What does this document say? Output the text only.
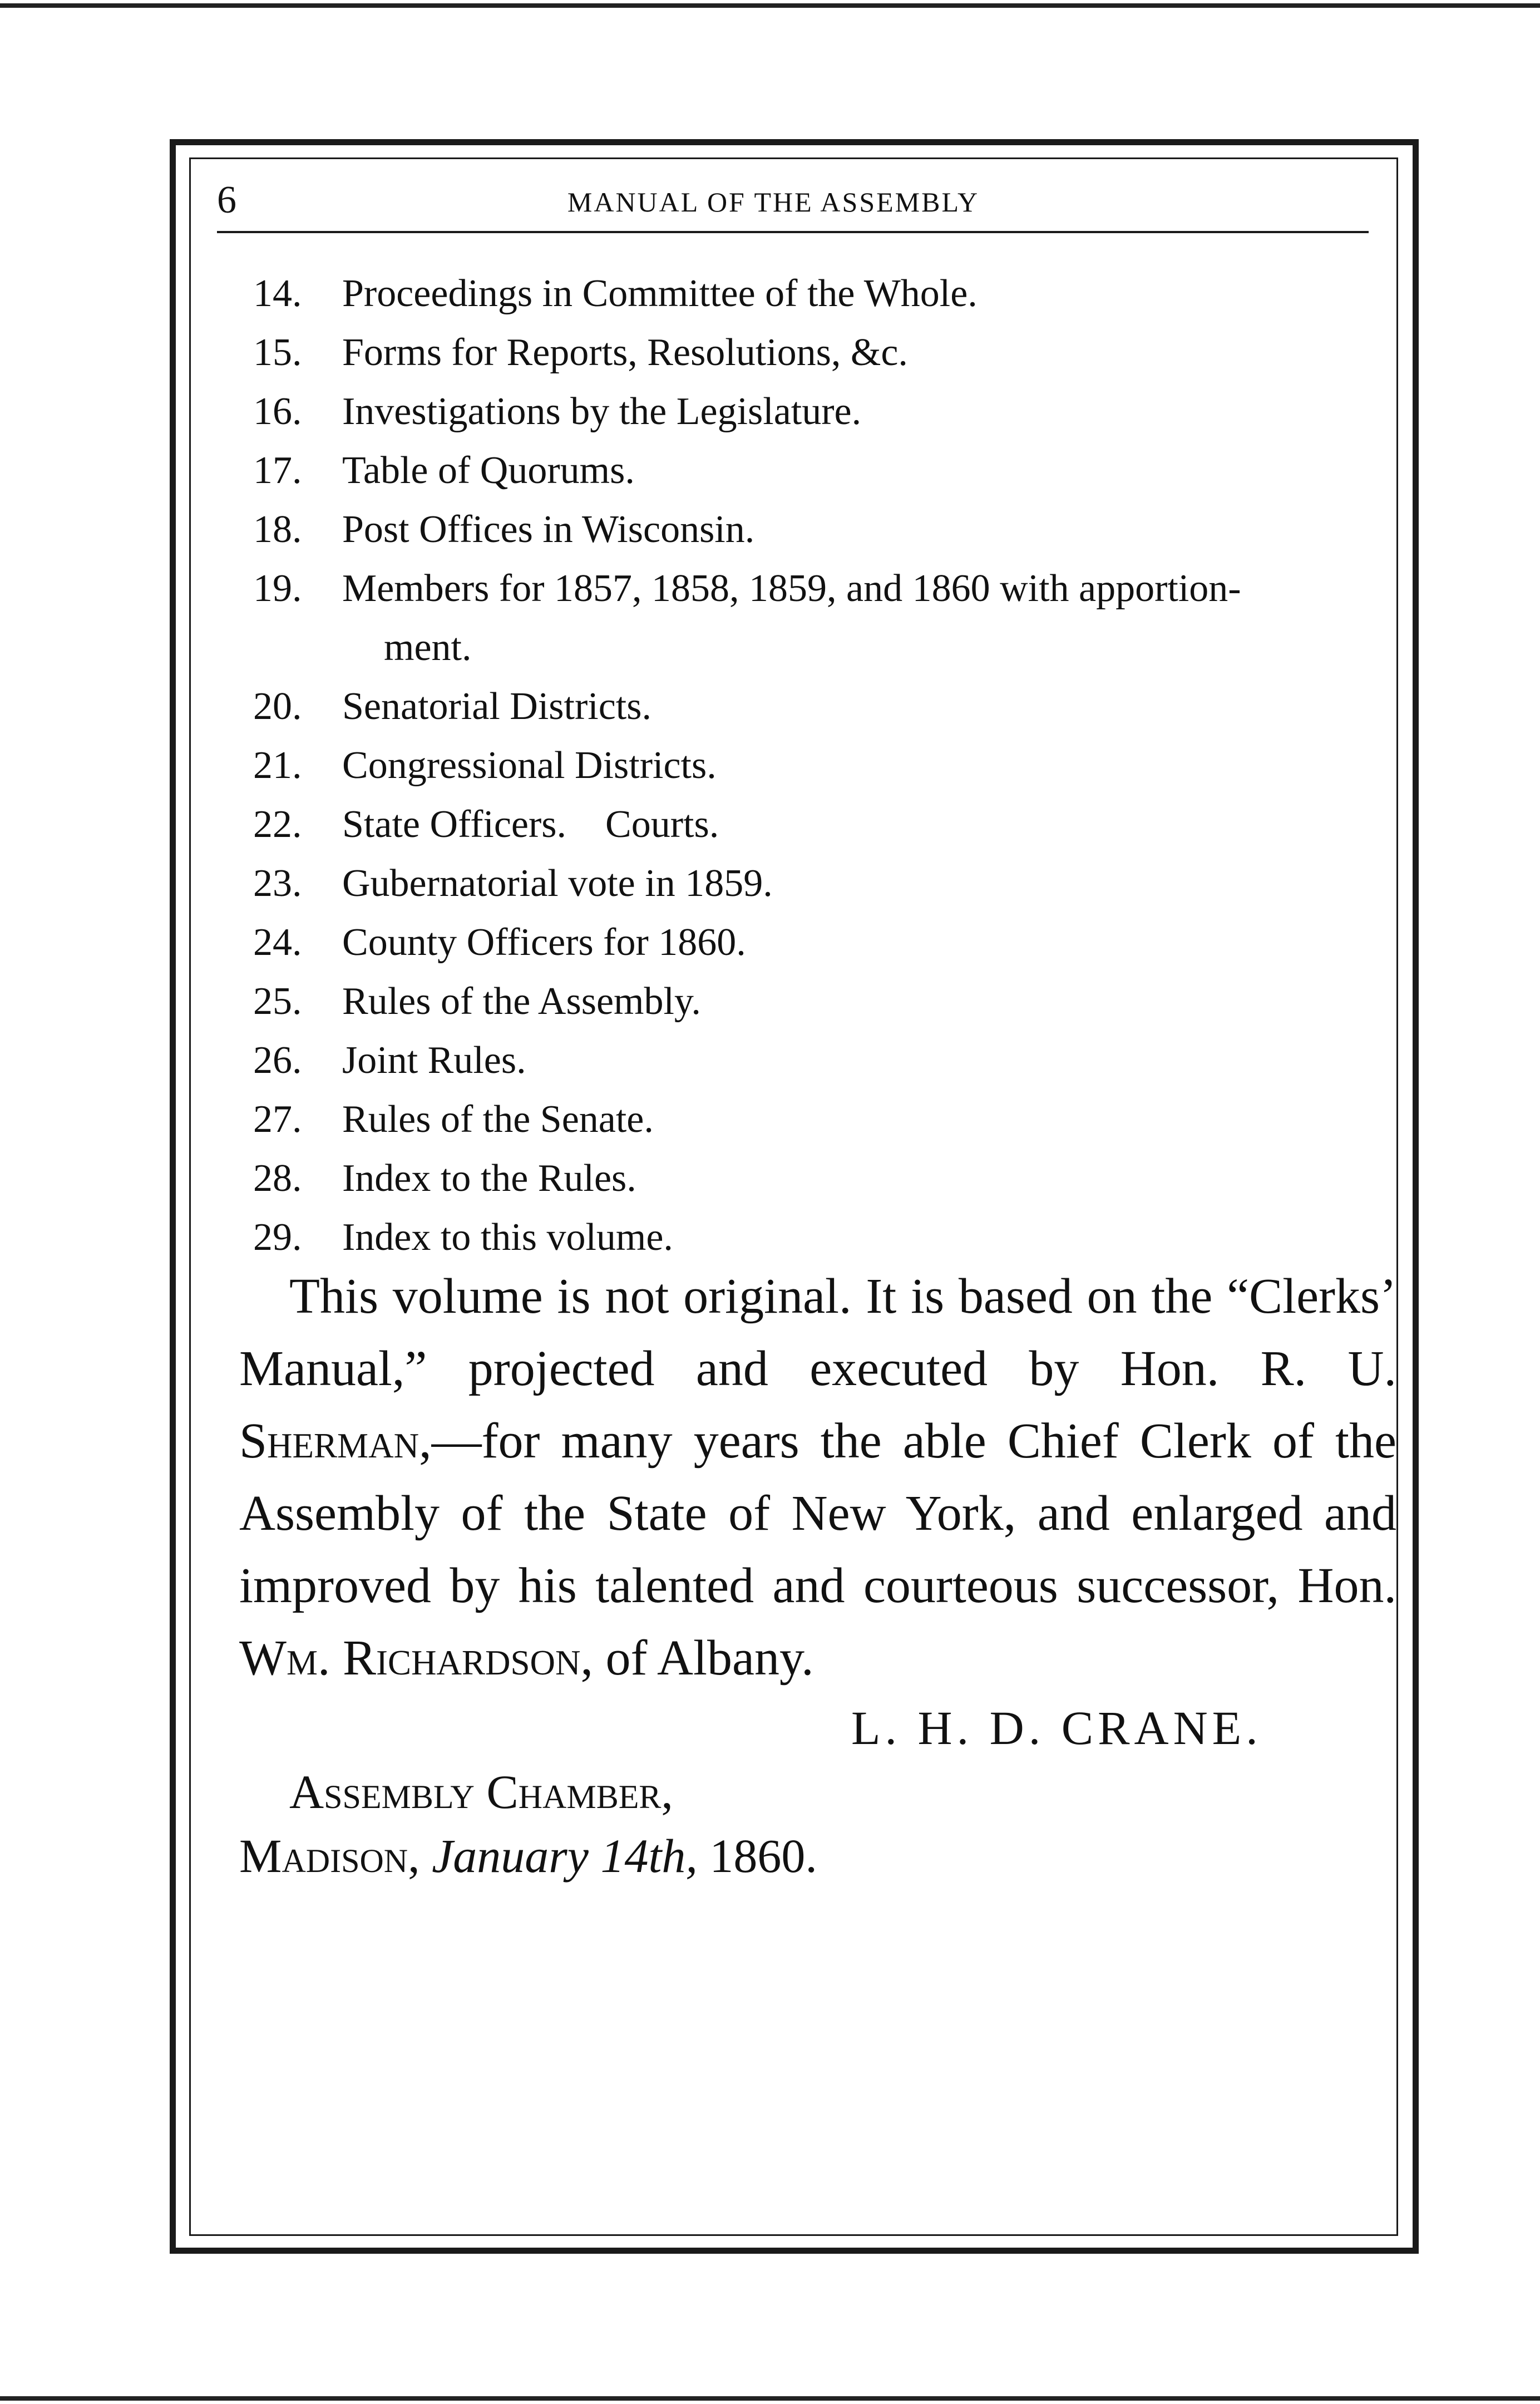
6	MANUAL OF THE ASSEMBLY
14.	Proceedings in Committee of the Whole.
15.	Forms for Reports, Resolutions, &c.
16.	Investigations by the Legislature.
17.	Table of Quorums.
18.	Post Offices in Wisconsin.
19.	Members for 1857, 1858, 1859, and 1860 with apportion-
ment.
20.	Senatorial Districts.
21.	Congressional Districts.
22.	State Officers.    Courts.
23.	Gubernatorial vote in 1859.
24.	County Officers for 1860.
25.	Rules of the Assembly.
26.	Joint Rules.
27.	Rules of the Senate.
28.	Index to the Rules.
29.	Index to this volume.

This volume is not original. It is based on the “Clerks’ Manual,” projected and executed by Hon. R. U. Sherman,—for many years the able Chief Clerk of the Assembly of the State of New York, and enlarged and improved by his talented and courteous successor, Hon. Wm. Richardson, of Albany.

L. H. D. CRANE.
Assembly Chamber,
Madison, January 14th, 1860.
